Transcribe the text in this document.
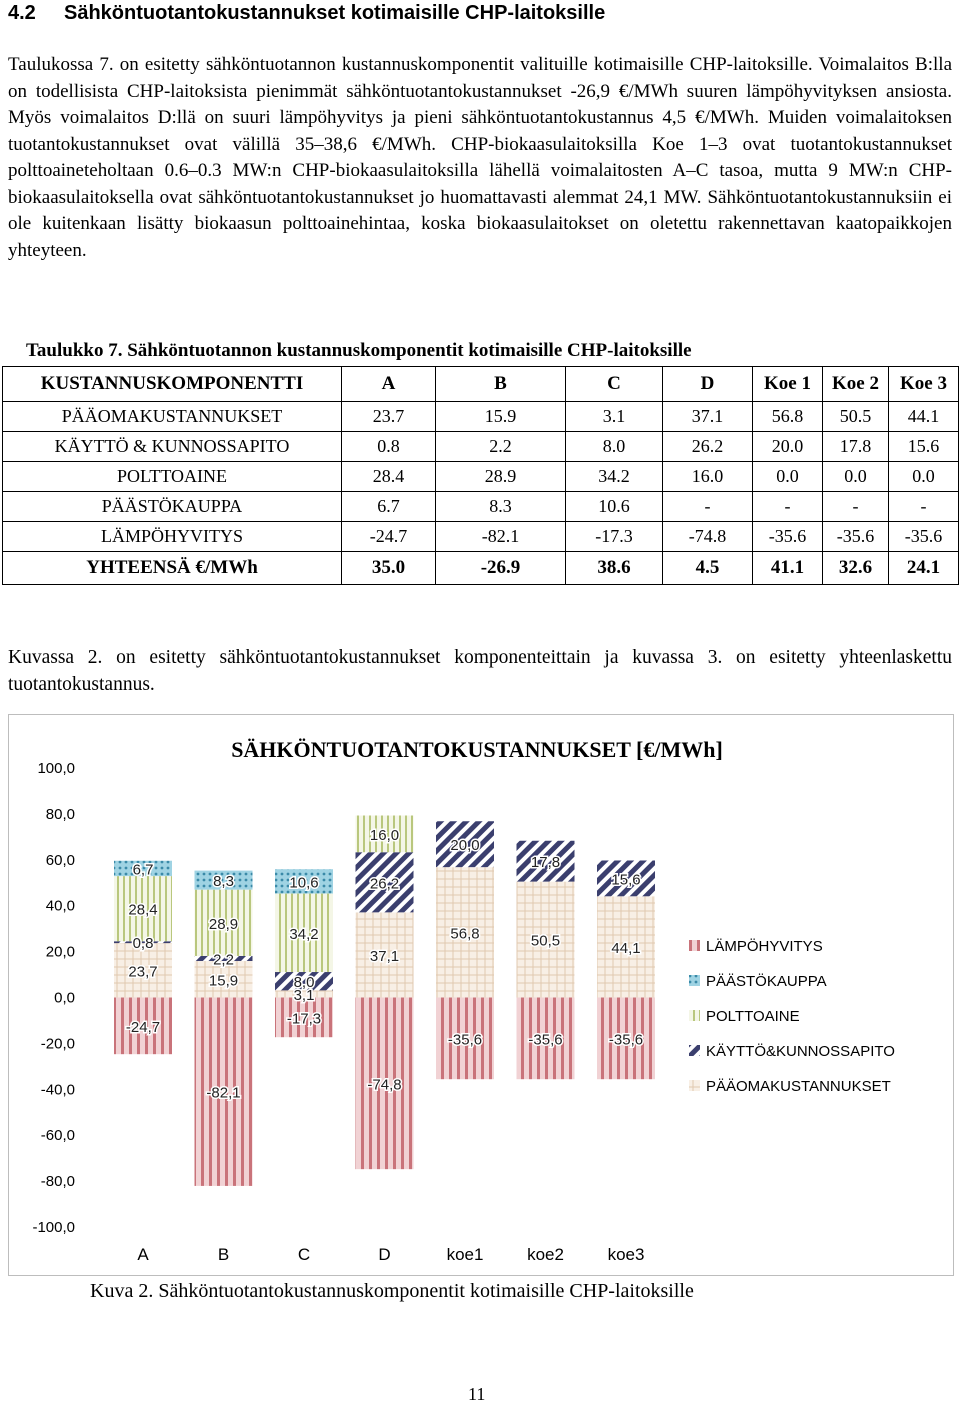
4.2 Sähköntuotantokustannukset kotimaisille CHP-laitoksille
Taulukossa 7. on esitetty sähköntuotannon kustannuskomponentit valituille kotimaisille CHP-laitoksille. Voimalaitos B:lla on todellisista CHP-laitoksista pienimmät sähköntuotantokustannukset -26,9 €/MWh suuren lämpöhyvityksen ansiosta. Myös voimalaitos D:llä on suuri lämpöhyvitys ja pieni sähköntuotantokustannus 4,5 €/MWh. Muiden voimalaitoksen tuotantokustannukset ovat välillä 35–38,6 €/MWh. CHP-biokaasulaitoksilla Koe 1–3 ovat tuotantokustannukset polttoaineteholtaan 0.6–0.3 MW:n CHP-biokaasulaitoksilla lähellä voimalaitosten A–C tasoa, mutta 9 MW:n CHP-biokaasulaitoksella ovat sähköntuotantokustannukset jo huomattavasti alemmat 24,1 MW. Sähköntuotantokustannuksiin ei ole kuitenkaan lisätty biokaasun polttoainehintaa, koska biokaasulaitokset on oletettu rakennettavan kaatopaikkojen yhteyteen.
Taulukko 7. Sähköntuotannon kustannuskomponentit kotimaisille CHP-laitoksille
KUSTANNUSKOMPONENTTI	A	B	C	D	Koe 1	Koe 2	Koe 3
PÄÄOMAKUSTANNUKSET	23.7	15.9	3.1	37.1	56.8	50.5	44.1
KÄYTTÖ & KUNNOSSAPITO	0.8	2.2	8.0	26.2	20.0	17.8	15.6
POLTTOAINE	28.4	28.9	34.2	16.0	0.0	0.0	0.0
PÄÄSTÖKAUPPA	6.7	8.3	10.6	-	-	-	-
LÄMPÖHYVITYS	-24.7	-82.1	-17.3	-74.8	-35.6	-35.6	-35.6
YHTEENSÄ €/MWh	35.0	-26.9	38.6	4.5	41.1	32.6	24.1
Kuvassa 2. on esitetty sähköntuotantokustannukset komponenteittain ja kuvassa 3. on esitetty yhteenlaskettu tuotantokustannus.
100,0
80,0
60,0
40,0
20,0
0,0
-20,0
-40,0
-60,0
-80,0
-100,0
A	B	C	D	koe1	koe2	koe3
23,7
0,8
28,4
6,7
-24,7
15,9
2,2
28,9
8,3
-82,1
3,1
8,0
34,2
10,6
-17,3
37,1
26,2
16,0
-74,8
56,8
20,0
-35,6
50,5
17,8
-35,6
44,1
15,6
-35,6
LÄMPÖHYVITYS
PÄÄSTÖKAUPPA
POLTTOAINE
KÄYTTÖ&KUNNOSSAPITO
PÄÄOMAKUSTANNUKSET
SÄHKÖNTUOTANTOKUSTANNUKSET [€/MWh]
Kuva 2. Sähköntuotantokustannuskomponentit kotimaisille CHP-laitoksille
11
